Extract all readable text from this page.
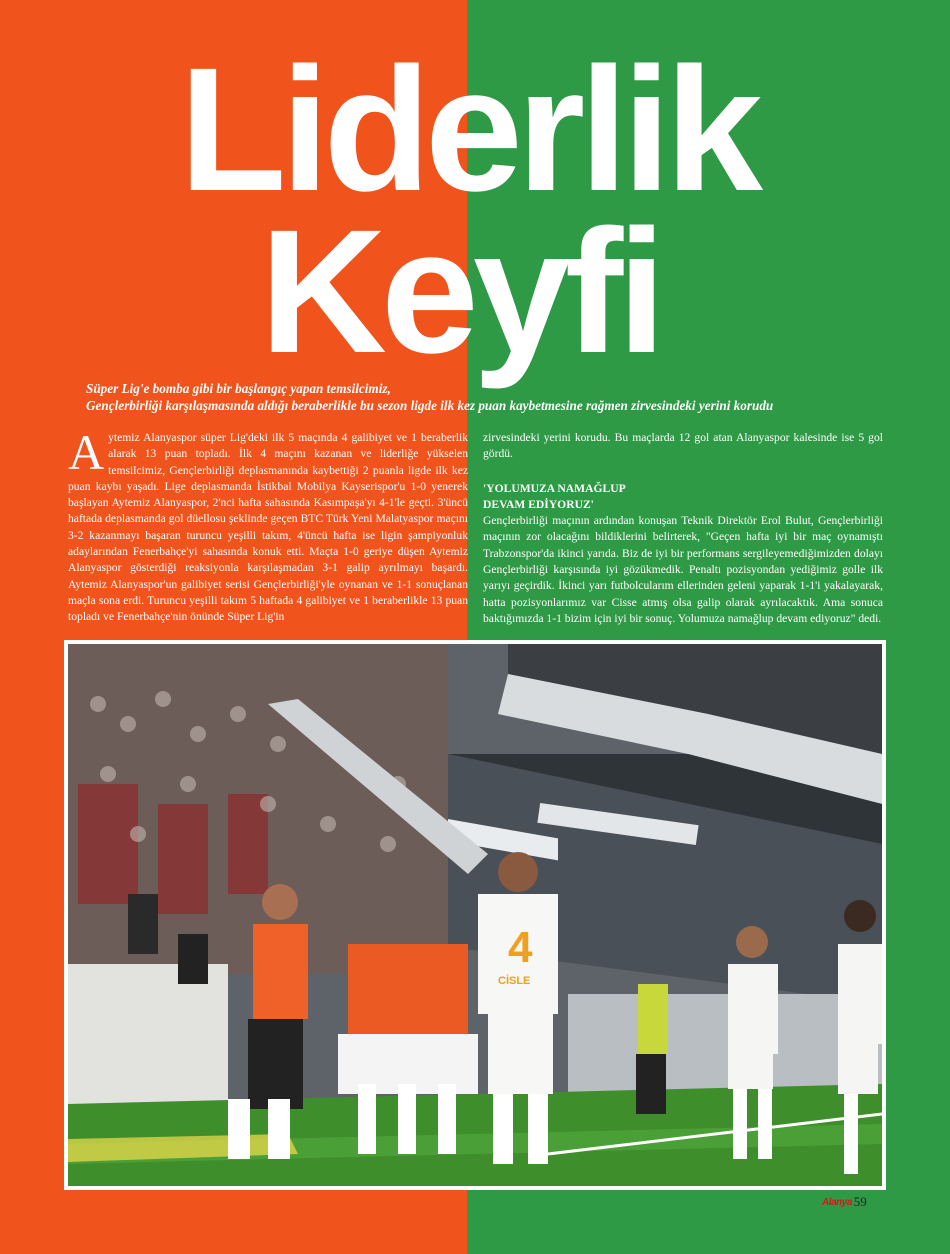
Liderlik
Keyfi
Süper Lig'e bomba gibi bir başlangıç yapan temsilcimiz,
Gençlerbirliği karşılaşmasında aldığı beraberlikle bu sezon ligde ilk kez puan kaybetmesine rağmen zirvesindeki yerini korudu
A ytemiz Alanyaspor süper Lig'deki ilk 5 maçında 4 galibiyet ve 1 beraberlik alarak 13 puan topladı. İlk 4 maçını kazanan ve liderliğe yükselen temsilcimiz, Gençlerbirliği deplasmanında kaybettiği 2 puanla ligde ilk kez puan kaybı yaşadı. Lige deplasmanda İstikbal Mobilya Kayserispor'u 1-0 yenerek başlayan Aytemiz Alanyaspor, 2'nci hafta sahasında Kasımpaşa'yı 4-1'le geçti. 3'üncü haftada deplasmanda gol düellosu şeklinde geçen BTC Türk Yeni Malatyaspor maçını 3-2 kazanmayı başaran turuncu yeşilli takım, 4'üncü hafta ise ligin şampiyonluk adaylarından Fenerbahçe'yi sahasında konuk etti. Maçta 1-0 geriye düşen Aytemiz Alanyaspor gösterdiği reaksiyonla karşılaşmadan 3-1 galip ayrılmayı başardı. Aytemiz Alanyaspor'un galibiyet serisi Gençlerbirliği'yle oynanan ve 1-1 sonuçlanan maçla sona erdi. Turuncu yeşilli takım 5 haftada 4 galibiyet ve 1 beraberlikle 13 puan topladı ve Fenerbahçe'nin önünde Süper Lig'in
zirvesindeki yerini korudu. Bu maçlarda 12 gol atan Alanyaspor kalesinde ise 5 gol gördü.
'YOLUMUZA NAMAĞLUP
DEVAM EDİYORUZ'
Gençlerbirliği maçının ardından konuşan Teknik Direktör Erol Bulut, Gençlerbirliği maçının zor olacağını bildiklerini belirterek, "Geçen hafta iyi bir maç oynamıştı Trabzonspor'da ikinci yarıda. Biz de iyi bir performans sergileyemediğimizden dolayı Gençlerbirliği karşısında iyi gözükmedik. Penaltı pozisyondan yediğimiz golle ilk yarıyı geçirdik. İkinci yarı futbolcularım ellerinden geleni yaparak 1-1'i yakalayarak, hatta pozisyonlarımız var Cisse atmış olsa galip olarak ayrılacaktık. Ama sonuca baktığımızda 1-1 bizim için iyi bir sonuç. Yolumuza namağlup devam ediyoruz" dedi.
4
CİSLE
Alanya 59
